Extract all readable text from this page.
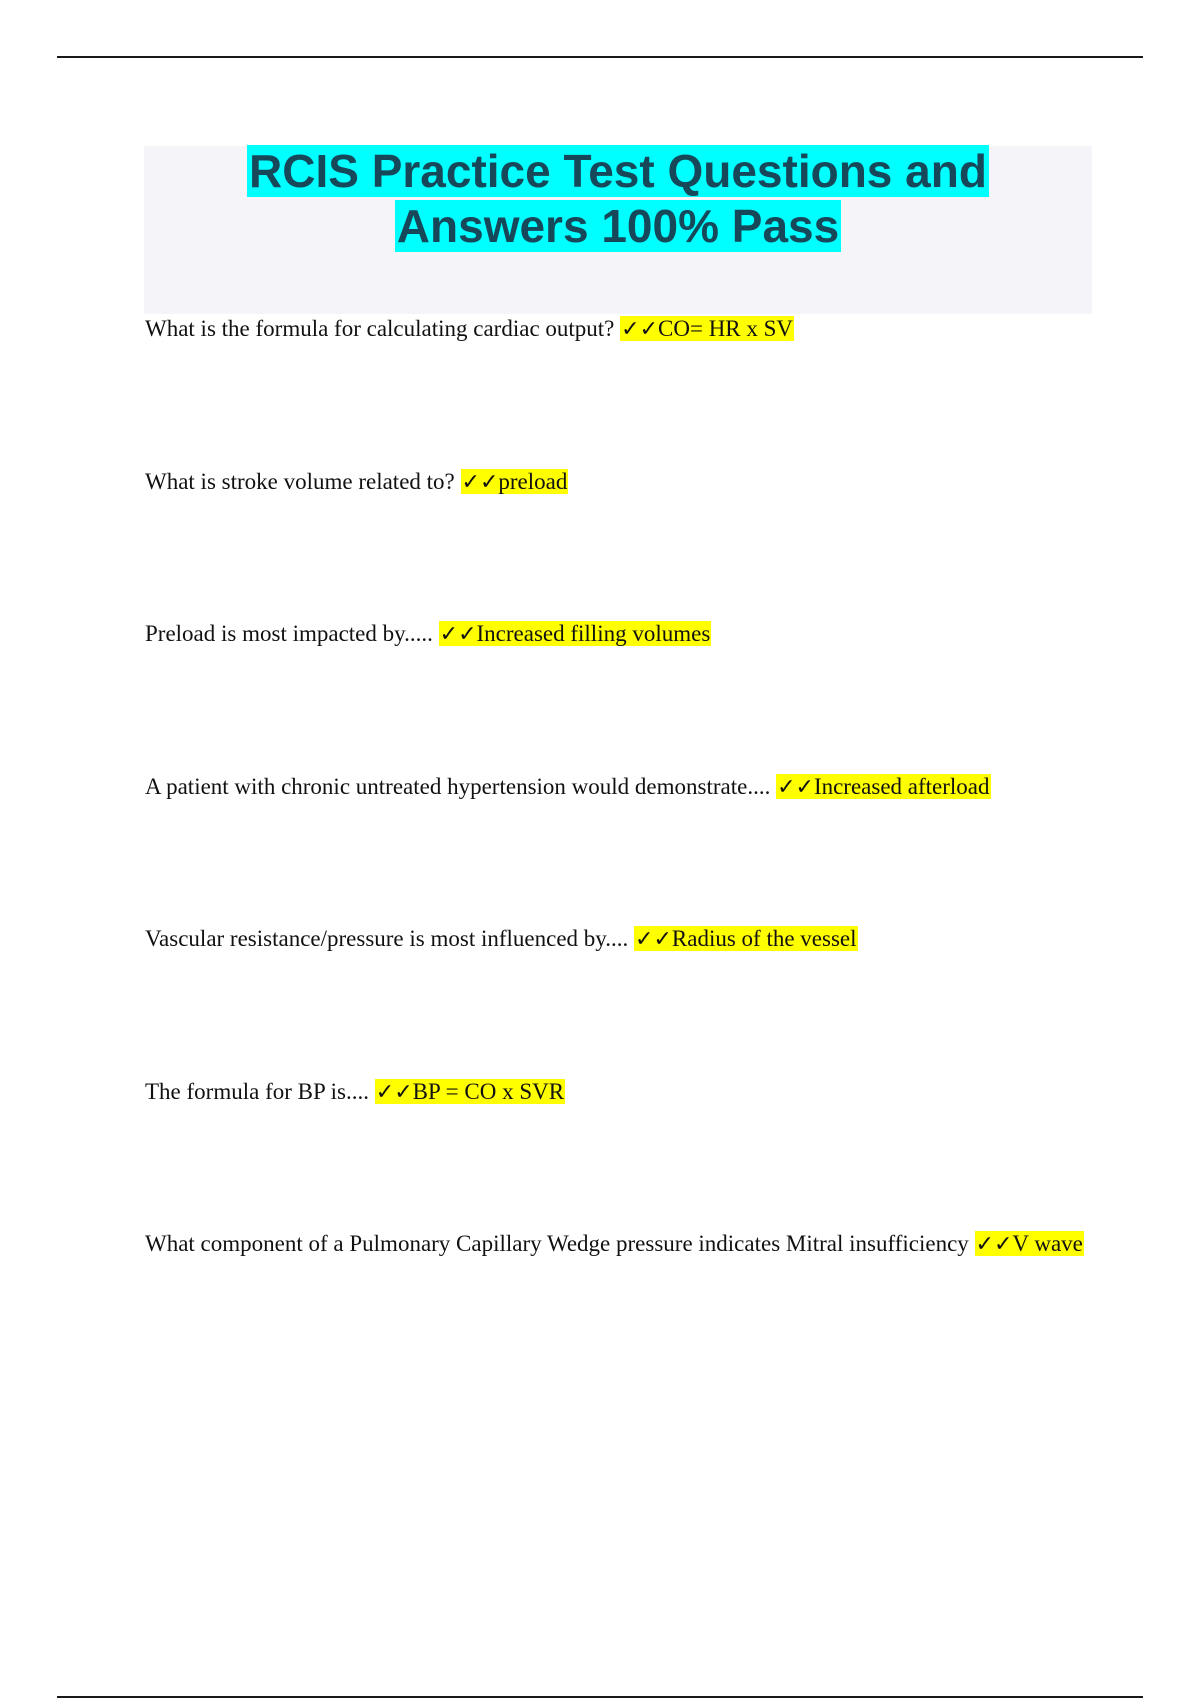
RCIS Practice Test Questions and
Answers 100% Pass

What is the formula for calculating cardiac output? ✓✓CO= HR x SV

What is stroke volume related to? ✓✓preload

Preload is most impacted by..... ✓✓Increased filling volumes

A patient with chronic untreated hypertension would demonstrate.... ✓✓Increased afterload

Vascular resistance/pressure is most influenced by.... ✓✓Radius of the vessel

The formula for BP is.... ✓✓BP = CO x SVR

What component of a Pulmonary Capillary Wedge pressure indicates Mitral insufficiency ✓✓V wave
